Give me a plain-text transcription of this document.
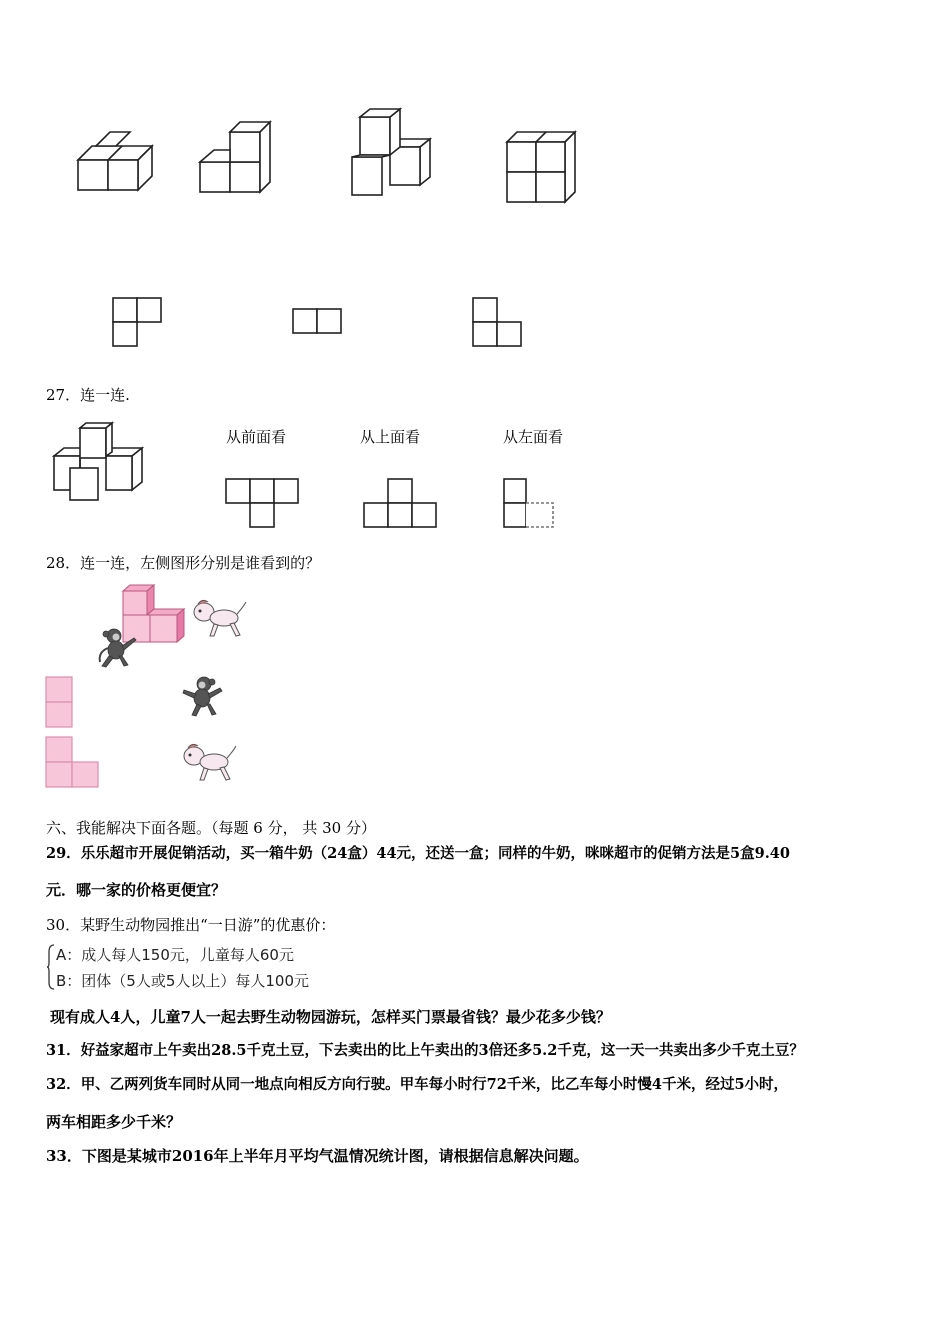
27．连一连.
从前面看	从上面看	从左面看
28．连一连，左侧图形分别是谁看到的？
六、我能解决下面各题。（每题 6 分， 共 30 分）
29．乐乐超市开展促销活动，买一箱牛奶（24盒）44元，还送一盒；同样的牛奶，咪咪超市的促销方法是5盒9.40
元．哪一家的价格更便宜？
30．某野生动物园推出“一日游”的优惠价：
A：成人每人150元，儿童每人60元
B：团体（5人或5人以上）每人100元
现有成人4人，儿童7人一起去野生动物园游玩，怎样买门票最省钱？最少花多少钱？
31．好益家超市上午卖出28.5千克土豆，下去卖出的比上午卖出的3倍还多5.2千克，这一天一共卖出多少千克土豆？
32．甲、乙两列货车同时从同一地点向相反方向行驶。甲车每小时行72千米，比乙车每小时慢4千米，经过5小时，
两车相距多少千米？
33．下图是某城市2016年上半年月平均气温情况统计图，请根据信息解决问题。
